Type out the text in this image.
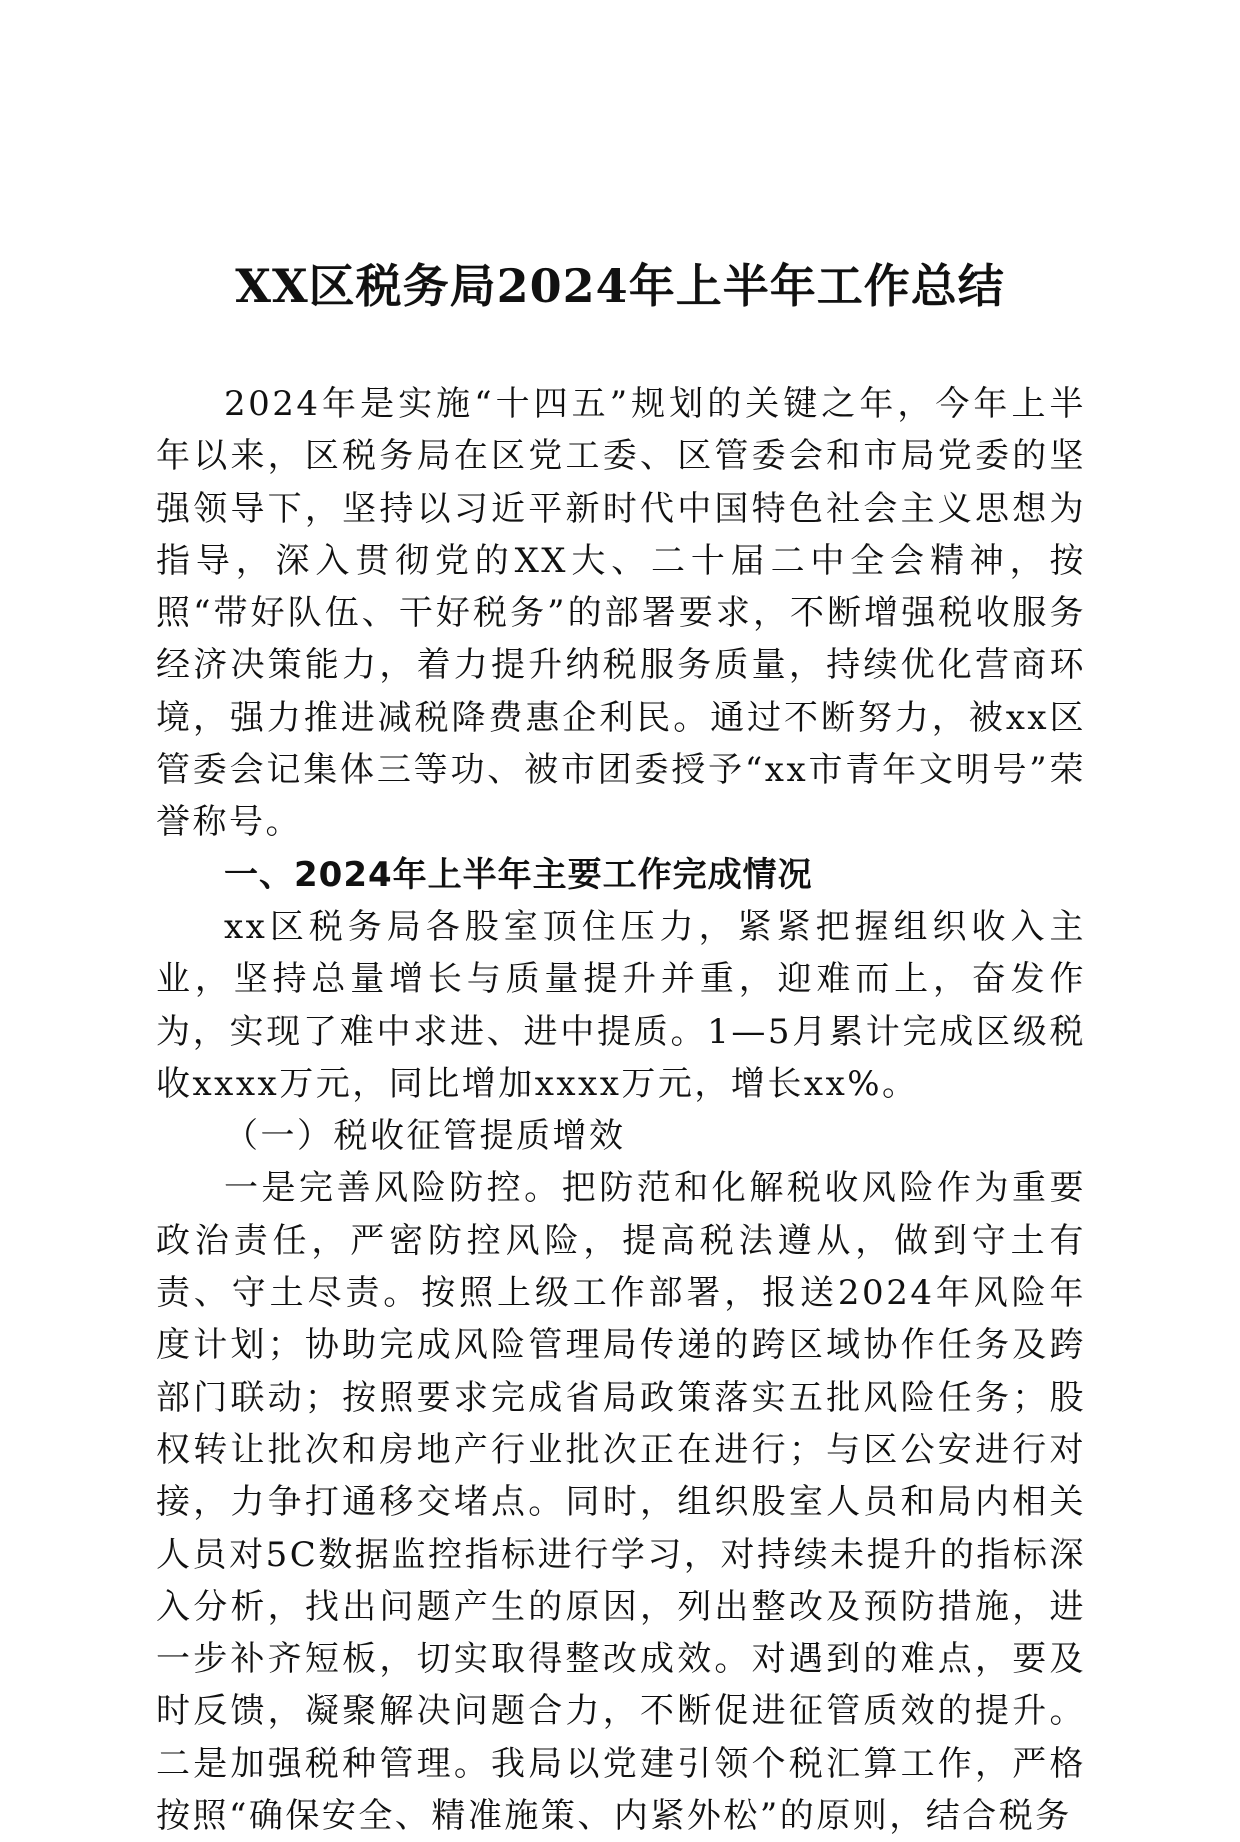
XX区税务局2024年上半年工作总结

2024年是实施“十四五”规划的关键之年，今年上半年以来，区税务局在区党工委、区管委会和市局党委的坚强领导下，坚持以习近平新时代中国特色社会主义思想为指导，深入贯彻党的XX大、二十届二中全会精神，按照“带好队伍、干好税务”的部署要求，不断增强税收服务经济决策能力，着力提升纳税服务质量，持续优化营商环境，强力推进减税降费惠企利民。通过不断努力，被xx区管委会记集体三等功、被市团委授予“xx市青年文明号”荣誉称号。

一、2024年上半年主要工作完成情况

xx区税务局各股室顶住压力，紧紧把握组织收入主业，坚持总量增长与质量提升并重，迎难而上，奋发作为，实现了难中求进、进中提质。1—5月累计完成区级税收xxxx万元，同比增加xxxx万元，增长xx%。

（一）税收征管提质增效

一是完善风险防控。把防范和化解税收风险作为重要政治责任，严密防控风险，提高税法遵从，做到守土有责、守土尽责。按照上级工作部署，报送2024年风险年度计划；协助完成风险管理局传递的跨区域协作任务及跨部门联动；按照要求完成省局政策落实五批风险任务；股权转让批次和房地产行业批次正在进行；与区公安进行对接，力争打通移交堵点。同时，组织股室人员和局内相关人员对5C数据监控指标进行学习，对持续未提升的指标深入分析，找出问题产生的原因，列出整改及预防措施，进一步补齐短板，切实取得整改成效。对遇到的难点，要及时反馈，凝聚解决问题合力，不断促进征管质效的提升。二是加强税种管理。我局以党建引领个税汇算工作，严格按照“确保安全、精准施策、内紧外松”的原则，结合税务
